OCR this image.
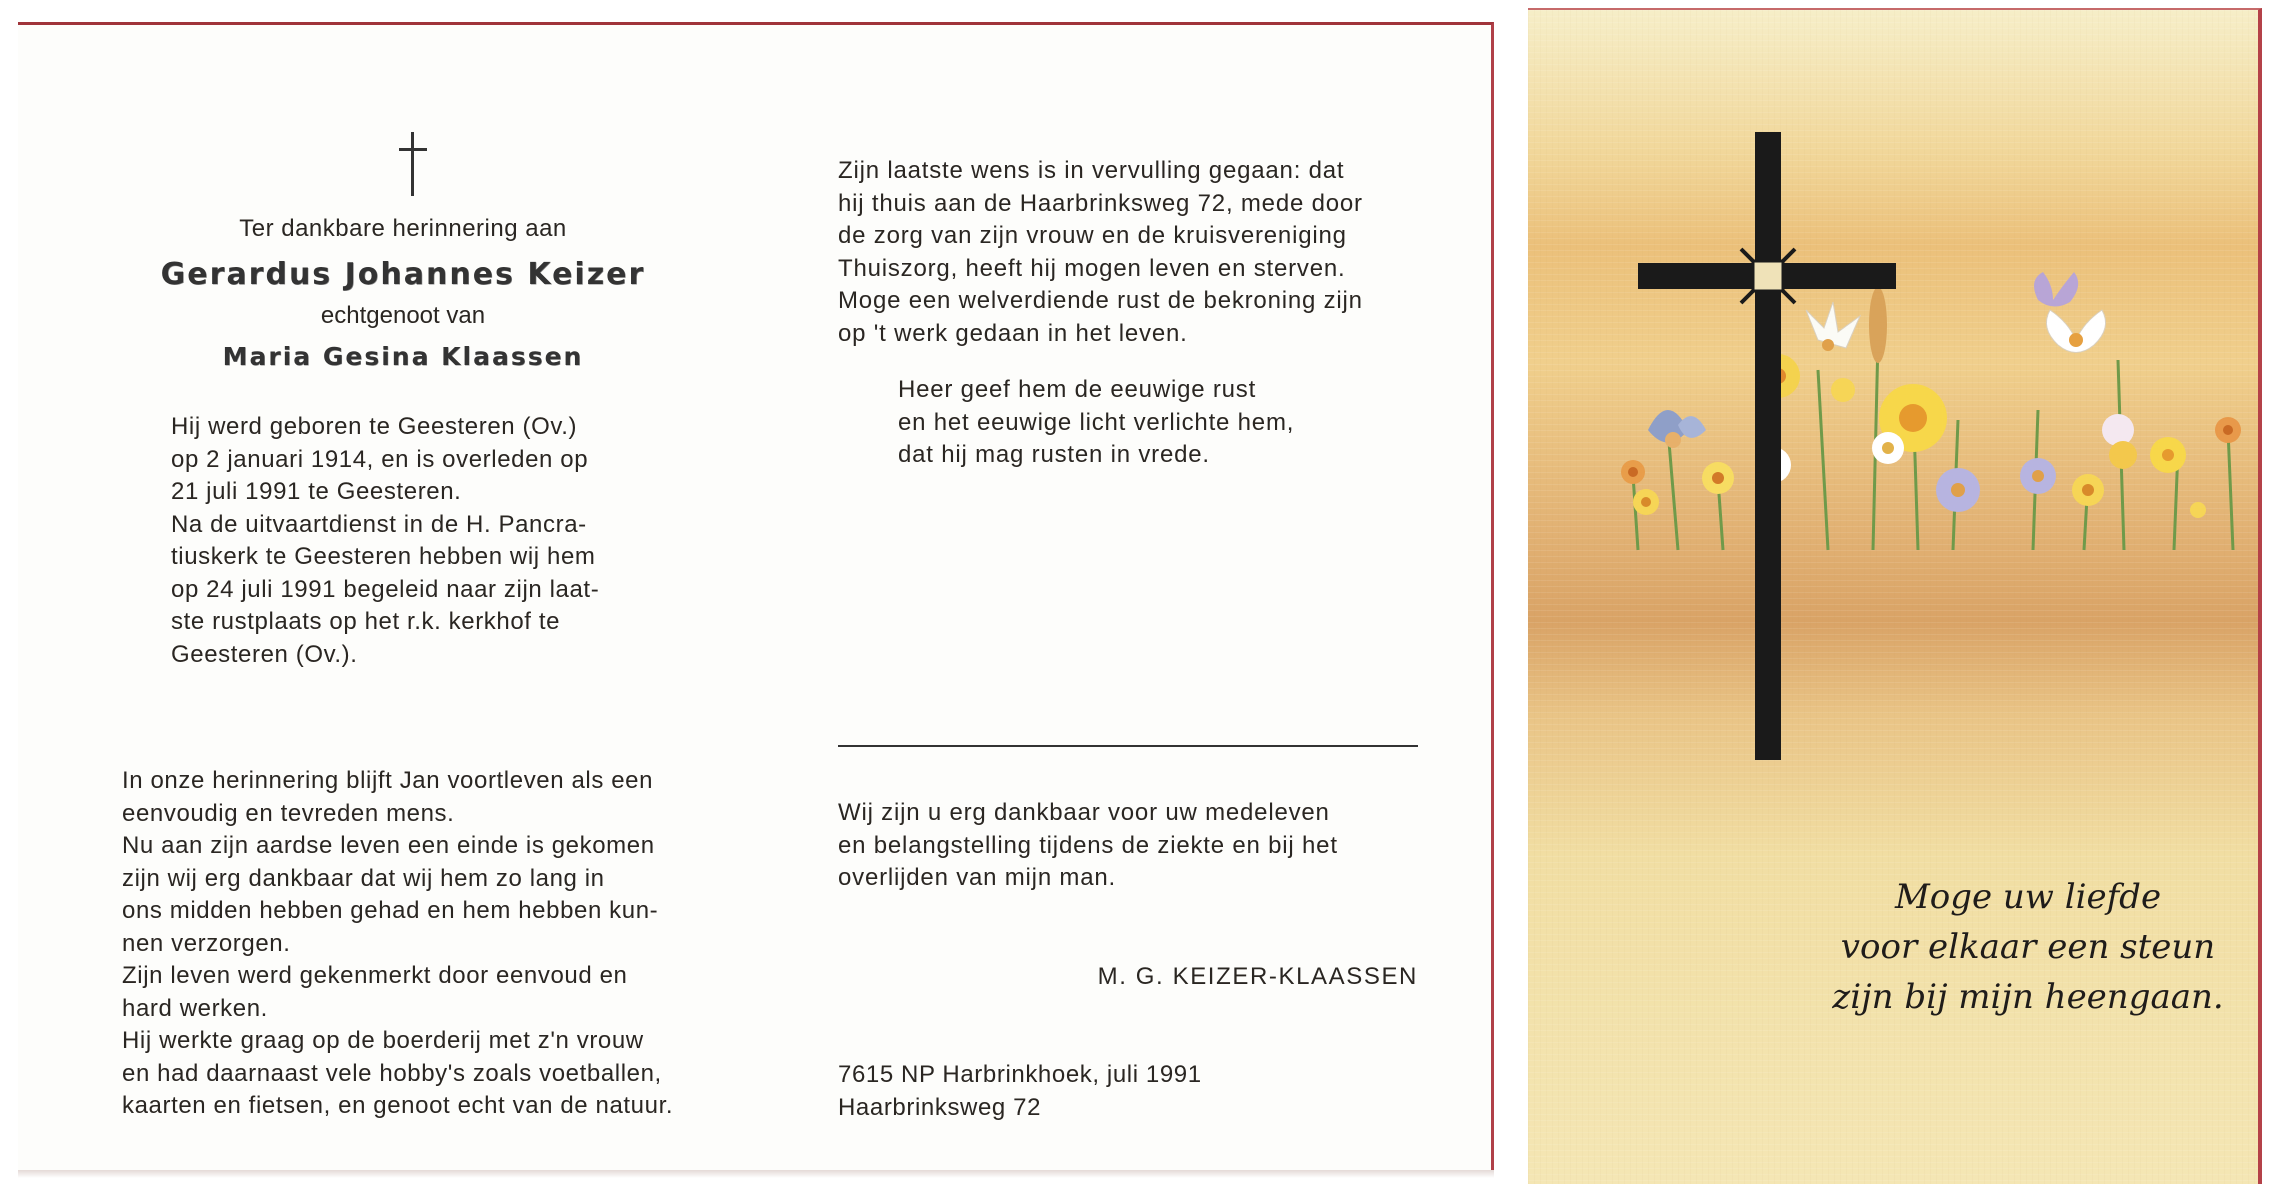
Ter dankbare herinnering aan
Gerardus Johannes Keizer
echtgenoot van
Maria Gesina Klaassen

Hij werd geboren te Geesteren (Ov.)

op 2 januari 1914, en is overleden op

21 juli 1991 te Geesteren.

Na de uitvaartdienst in de H. Pancra-

tiuskerk te Geesteren hebben wij hem

op 24 juli 1991 begeleid naar zijn laat-

ste rustplaats op het r.k. kerkhof te

Geesteren (Ov.).

In onze herinnering blijft Jan voortleven als een

eenvoudig en tevreden mens.

Nu aan zijn aardse leven een einde is gekomen

zijn wij erg dankbaar dat wij hem zo lang in

ons midden hebben gehad en hem hebben kun-

nen verzorgen.

Zijn leven werd gekenmerkt door eenvoud en

hard werken.

Hij werkte graag op de boerderij met z'n vrouw

en had daarnaast vele hobby's zoals voetballen,

kaarten en fietsen, en genoot echt van de natuur.

Zijn laatste wens is in vervulling gegaan: dat
hij thuis aan de Haarbrinksweg 72, mede door
de zorg van zijn vrouw en de kruisvereniging
Thuiszorg, heeft hij mogen leven en sterven.
Moge een welverdiende rust de bekroning zijn
op 't werk gedaan in het leven.
Heer geef hem de eeuwige rust
en het eeuwige licht verlichte hem,
dat hij mag rusten in vrede.
Wij zijn u erg dankbaar voor uw medeleven
en belangstelling tijdens de ziekte en bij het
overlijden van mijn man.
M. G. KEIZER-KLAASSEN
7615 NP Harbrinkhoek, juli 1991
Haarbrinksweg 72
Moge uw liefde
voor elkaar een steun
zijn bij mijn heengaan.
